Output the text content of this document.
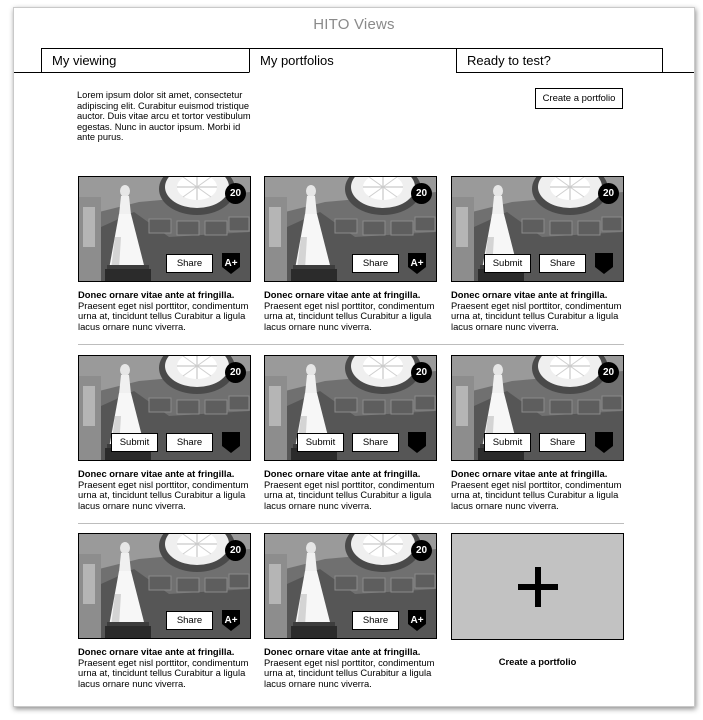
HITO Views
My viewing	My portfolios	Ready to test?
Lorem ipsum dolor sit amet, consectetur adipiscing elit. Curabitur euismod tristique auctor. Duis vitae arcu et tortor vestibulum egestas. Nunc in auctor ipsum. Morbi id ante purus.
Create a portfolio
20
Share	A+
Donec ornare vitae ante at fringilla. Praesent eget nisl porttitor, condimentum urna at, tincidunt tellus Curabitur a ligula lacus ornare nunc viverra.
20
Share	A+
Donec ornare vitae ante at fringilla. Praesent eget nisl porttitor, condimentum urna at, tincidunt tellus Curabitur a ligula lacus ornare nunc viverra.
20
Submit	Share
Donec ornare vitae ante at fringilla. Praesent eget nisl porttitor, condimentum urna at, tincidunt tellus Curabitur a ligula lacus ornare nunc viverra.
20
Submit	Share
Donec ornare vitae ante at fringilla. Praesent eget nisl porttitor, condimentum urna at, tincidunt tellus Curabitur a ligula lacus ornare nunc viverra.
20
Submit	Share
Donec ornare vitae ante at fringilla. Praesent eget nisl porttitor, condimentum urna at, tincidunt tellus Curabitur a ligula lacus ornare nunc viverra.
20
Submit	Share
Donec ornare vitae ante at fringilla. Praesent eget nisl porttitor, condimentum urna at, tincidunt tellus Curabitur a ligula lacus ornare nunc viverra.
20
Share	A+
Donec ornare vitae ante at fringilla. Praesent eget nisl porttitor, condimentum urna at, tincidunt tellus Curabitur a ligula lacus ornare nunc viverra.
20
Share	A+
Donec ornare vitae ante at fringilla. Praesent eget nisl porttitor, condimentum urna at, tincidunt tellus Curabitur a ligula lacus ornare nunc viverra.
Create a portfolio
